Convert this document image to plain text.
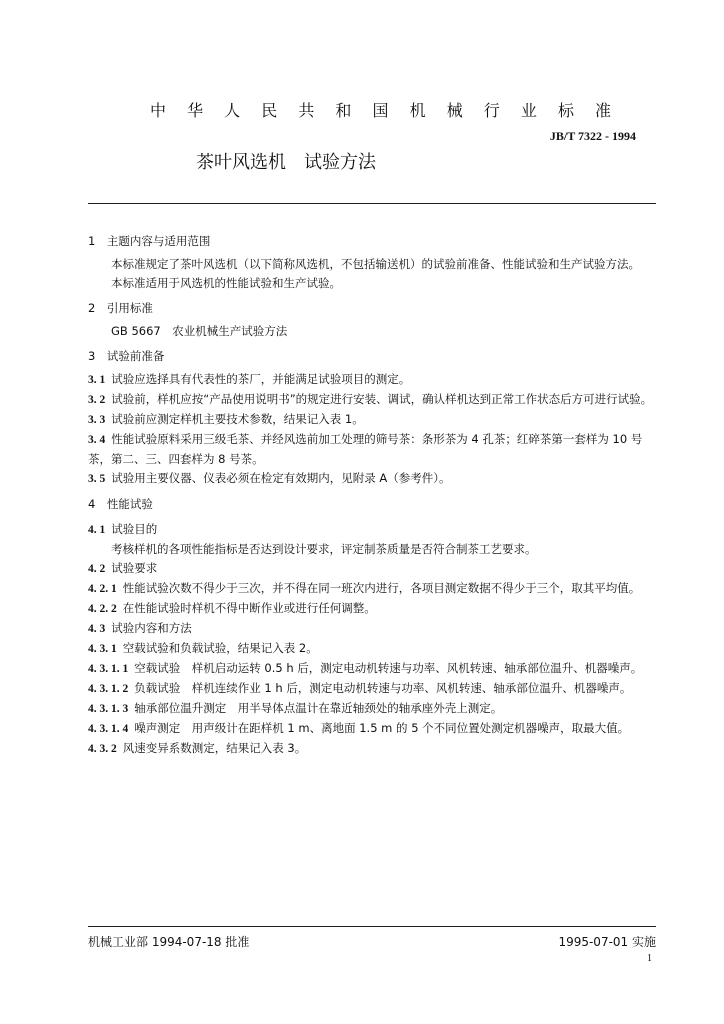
中 华 人 民 共 和 国 机 械 行 业 标 准
JB/T 7322 - 1994
茶叶风选机　试验方法

1　主题内容与适用范围

本标准规定了茶叶风选机（以下简称风选机，不包括输送机）的试验前准备、性能试验和生产试验方法。

本标准适用于风选机的性能试验和生产试验。

2　引用标准

GB 5667　农业机械生产试验方法

3　试验前准备

3. 1 试验应选择具有代表性的茶厂，并能满足试验项目的测定。

3. 2 试验前，样机应按“产品使用说明书”的规定进行安装、调试，确认样机达到正常工作状态后方可进行试验。

3. 3 试验前应测定样机主要技术参数，结果记入表 1。

3. 4 性能试验原料采用三级毛茶、并经风选前加工处理的筛号茶：条形茶为 4 孔茶；红碎茶第一套样为 10 号茶，第二、三、四套样为 8 号茶。

3. 5 试验用主要仪器、仪表必须在检定有效期内，见附录 A（参考件）。

4　性能试验

4. 1 试验目的

考核样机的各项性能指标是否达到设计要求，评定制茶质量是否符合制茶工艺要求。

4. 2 试验要求

4. 2. 1 性能试验次数不得少于三次，并不得在同一班次内进行，各项目测定数据不得少于三个，取其平均值。

4. 2. 2 在性能试验时样机不得中断作业或进行任何调整。

4. 3 试验内容和方法

4. 3. 1 空载试验和负载试验，结果记入表 2。

4. 3. 1. 1 空载试验　样机启动运转 0.5 h 后，测定电动机转速与功率、风机转速、轴承部位温升、机器噪声。

4. 3. 1. 2 负载试验　样机连续作业 1 h 后，测定电动机转速与功率、风机转速、轴承部位温升、机器噪声。

4. 3. 1. 3 轴承部位温升测定　用半导体点温计在靠近轴颈处的轴承座外壳上测定。

4. 3. 1. 4 噪声测定　用声级计在距样机 1 m、离地面 1.5 m 的 5 个不同位置处测定机器噪声，取最大值。

4. 3. 2 风速变异系数测定，结果记入表 3。

机械工业部 1994-07-18 批准	1995-07-01 实施
1
